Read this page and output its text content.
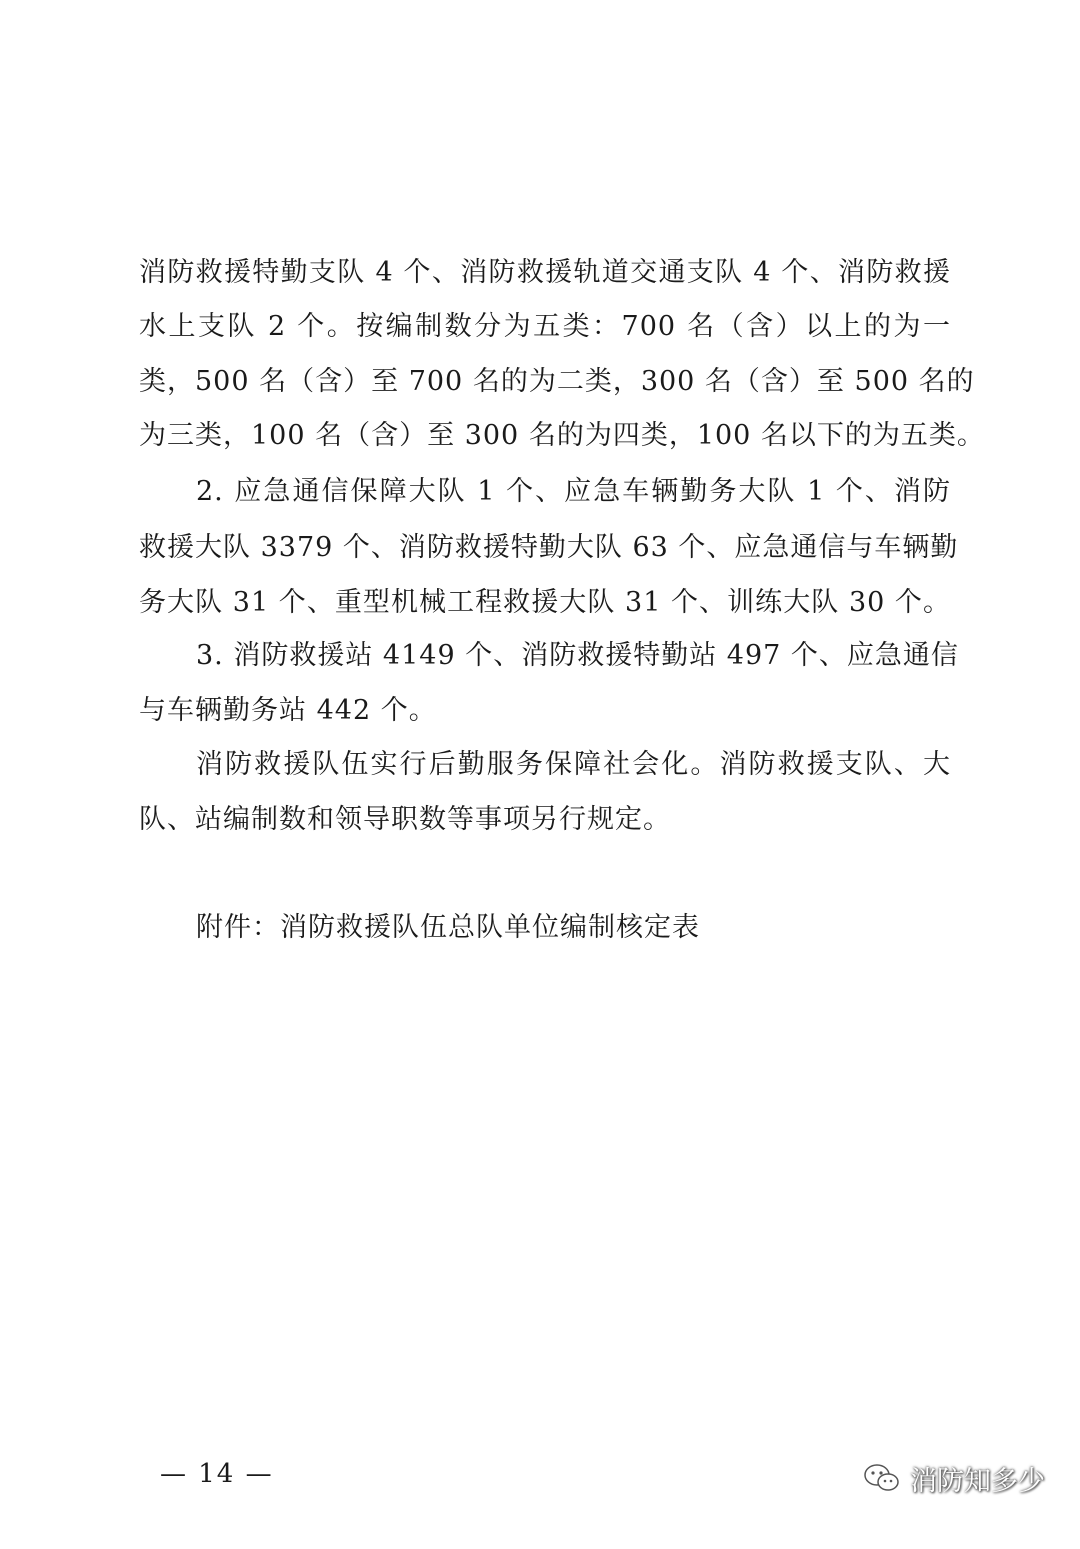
消防救援特勤支队 4 个、消防救援轨道交通支队 4 个、消防救援
水上支队 2 个。按编制数分为五类：700 名（含）以上的为一
类，500 名（含）至 700 名的为二类，300 名（含）至 500 名的
为三类，100 名（含）至 300 名的为四类，100 名以下的为五类。
2. 应急通信保障大队 1 个、应急车辆勤务大队 1 个、消防
救援大队 3379 个、消防救援特勤大队 63 个、应急通信与车辆勤
务大队 31 个、重型机械工程救援大队 31 个、训练大队 30 个。
3. 消防救援站 4149 个、消防救援特勤站 497 个、应急通信
与车辆勤务站 442 个。
消防救援队伍实行后勤服务保障社会化。消防救援支队、大
队、站编制数和领导职数等事项另行规定。
附件：消防救援队伍总队单位编制核定表
— 14 —	消防知多少
